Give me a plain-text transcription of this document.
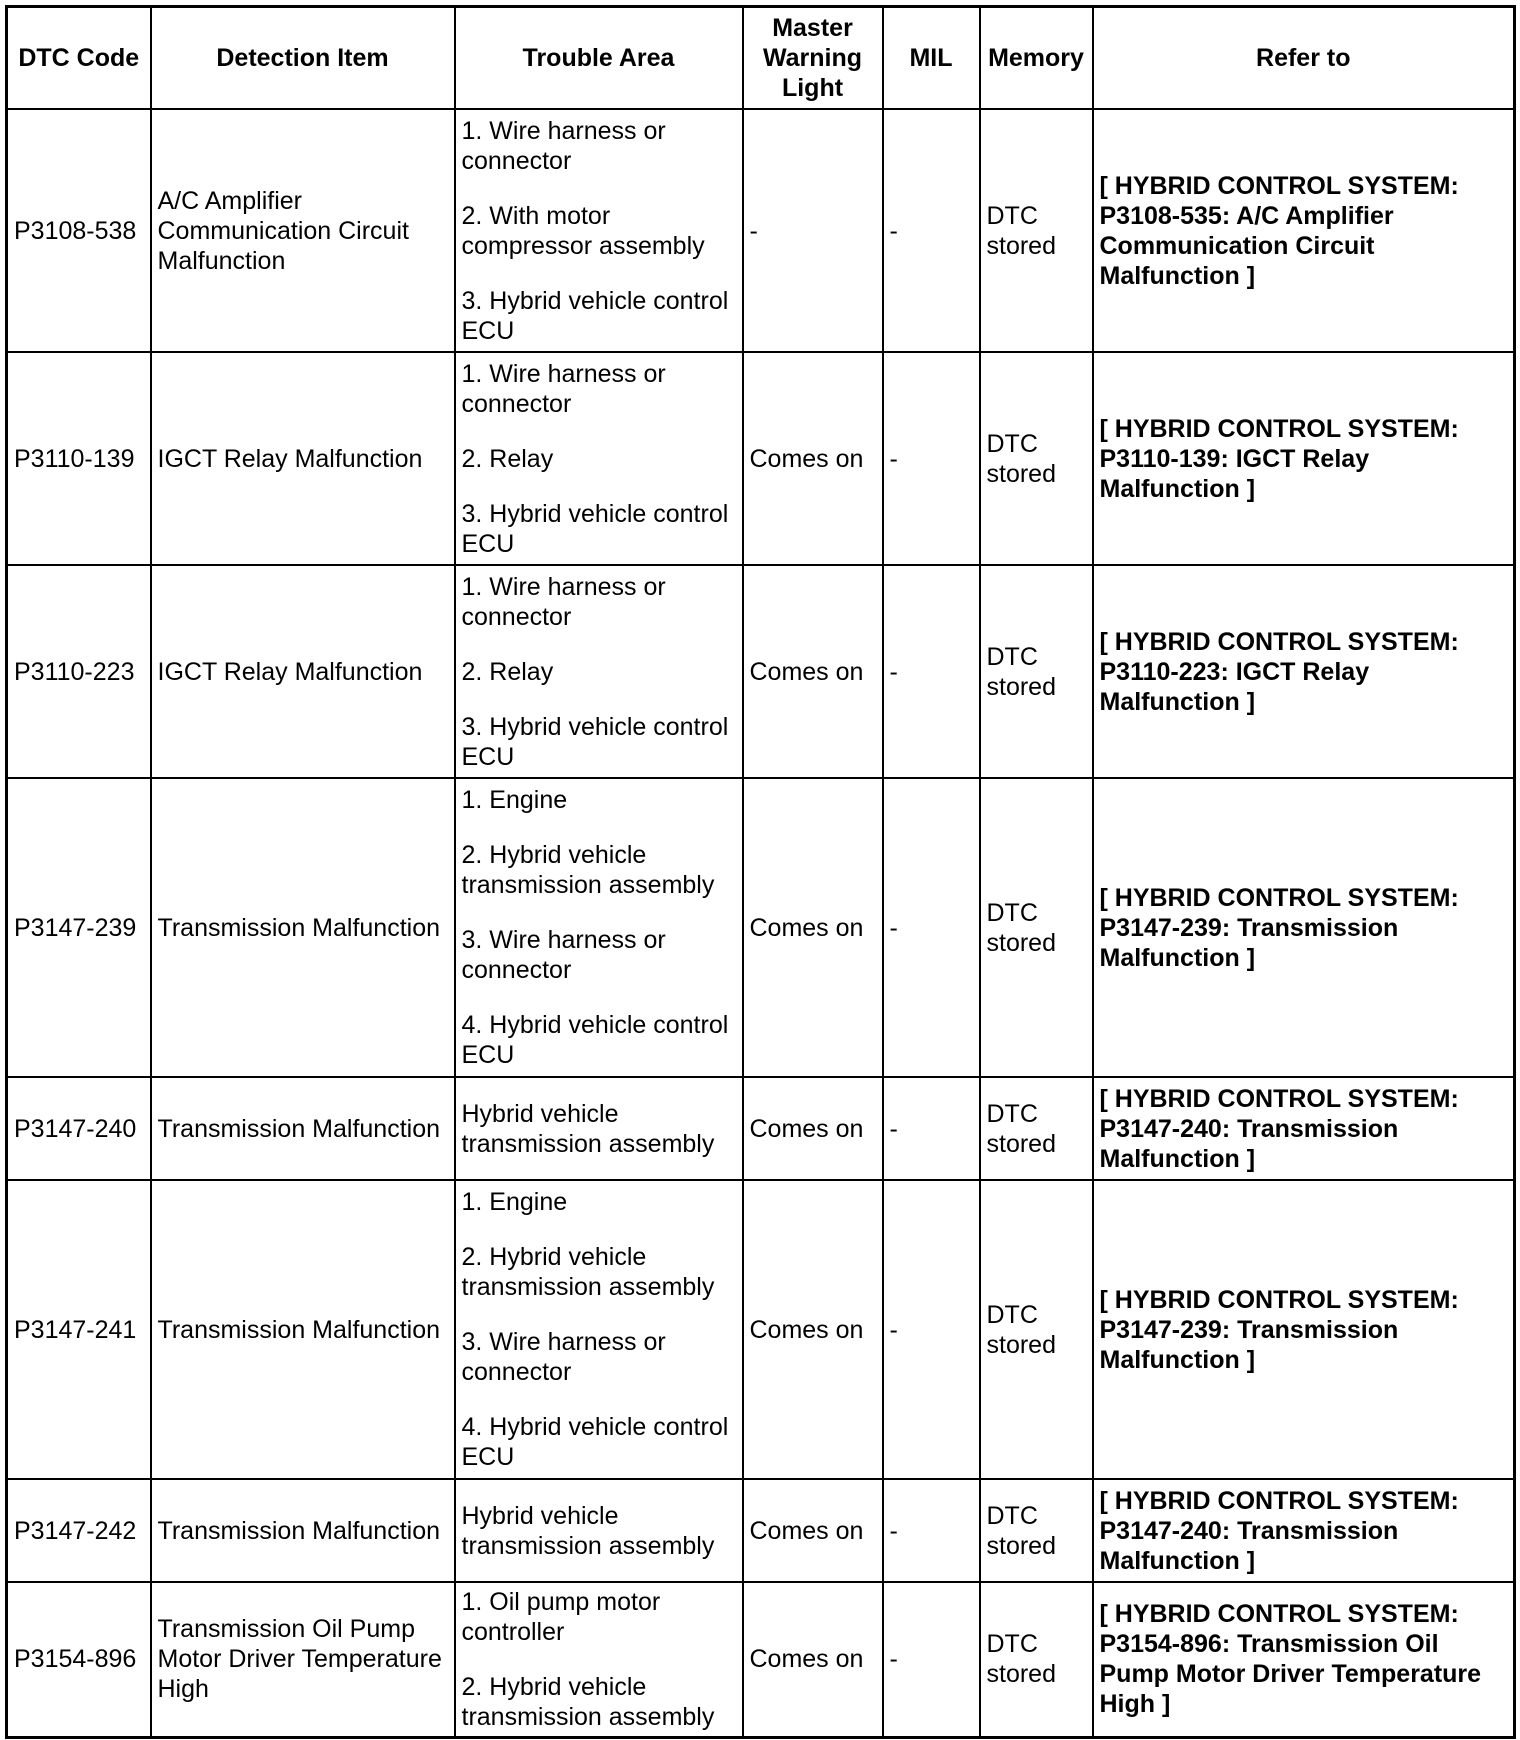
DTC Code	Detection Item	Trouble Area	Master Warning Light	MIL	Memory	Refer to
P3108-538	A/C Amplifier Communication Circuit Malfunction	1. Wire harness or connector

2. With motor compressor assembly

3. Hybrid vehicle control ECU	-	-	DTC stored	[ HYBRID CONTROL SYSTEM: P3108-535: A/C Amplifier Communication Circuit Malfunction ]
P3110-139	IGCT Relay Malfunction	1. Wire harness or connector

2. Relay

3. Hybrid vehicle control ECU	Comes on	-	DTC stored	[ HYBRID CONTROL SYSTEM: P3110-139: IGCT Relay Malfunction ]
P3110-223	IGCT Relay Malfunction	1. Wire harness or connector

2. Relay

3. Hybrid vehicle control ECU	Comes on	-	DTC stored	[ HYBRID CONTROL SYSTEM: P3110-223: IGCT Relay Malfunction ]
P3147-239	Transmission Malfunction	1. Engine

2. Hybrid vehicle transmission assembly

3. Wire harness or connector

4. Hybrid vehicle control ECU	Comes on	-	DTC stored	[ HYBRID CONTROL SYSTEM: P3147-239: Transmission Malfunction ]
P3147-240	Transmission Malfunction	Hybrid vehicle transmission assembly	Comes on	-	DTC stored	[ HYBRID CONTROL SYSTEM: P3147-240: Transmission Malfunction ]
P3147-241	Transmission Malfunction	1. Engine

2. Hybrid vehicle transmission assembly

3. Wire harness or connector

4. Hybrid vehicle control ECU	Comes on	-	DTC stored	[ HYBRID CONTROL SYSTEM: P3147-239: Transmission Malfunction ]
P3147-242	Transmission Malfunction	Hybrid vehicle transmission assembly	Comes on	-	DTC stored	[ HYBRID CONTROL SYSTEM: P3147-240: Transmission Malfunction ]
P3154-896	Transmission Oil Pump Motor Driver Temperature High	1. Oil pump motor controller

2. Hybrid vehicle transmission assembly	Comes on	-	DTC stored	[ HYBRID CONTROL SYSTEM: P3154-896: Transmission Oil Pump Motor Driver Temperature High ]
